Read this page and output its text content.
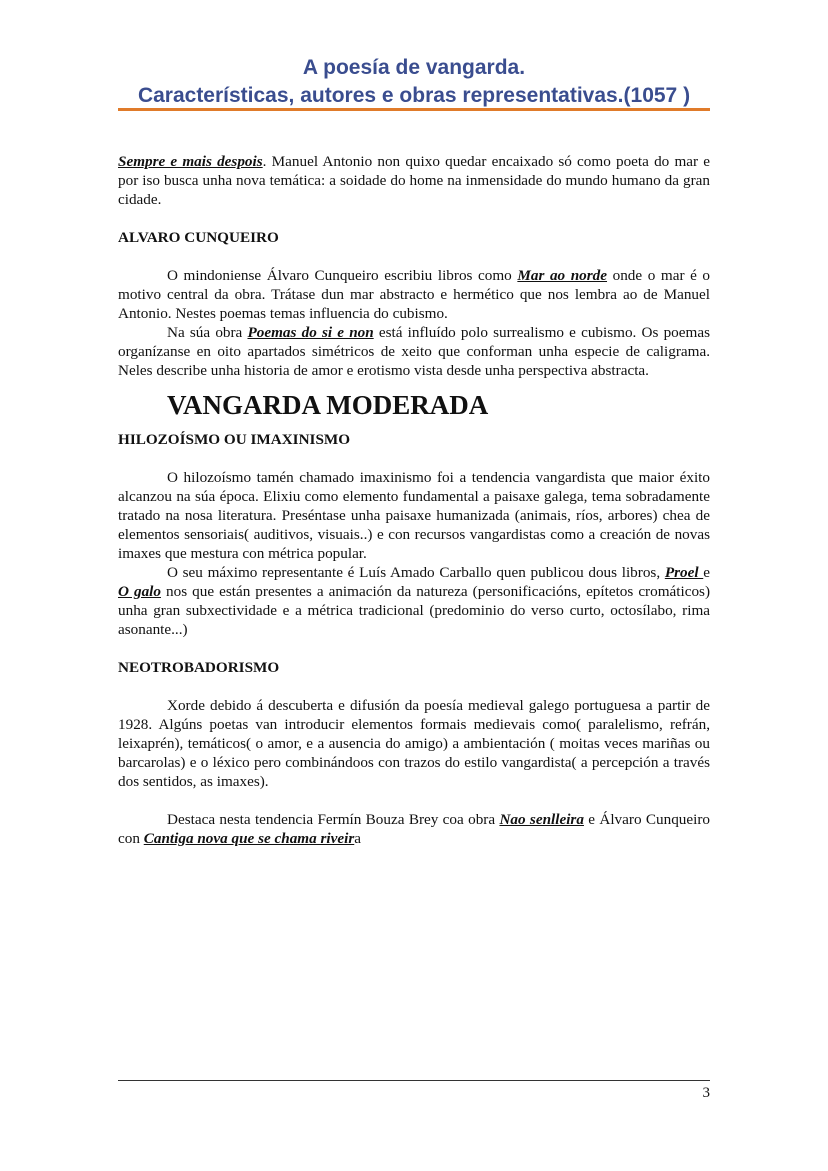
A poesía de vangarda.
Características, autores e obras representativas.(1057 )

Sempre e mais despois. Manuel Antonio non quixo quedar encaixado só como poeta do mar e por iso busca unha nova temática: a soidade do home na inmensidade do mundo humano da gran cidade.

ALVARO CUNQUEIRO

O mindoniense Álvaro Cunqueiro escribiu libros como Mar ao norde onde o mar é o motivo central da obra. Trátase dun mar abstracto e hermético que nos lembra ao de Manuel Antonio. Nestes poemas temas influencia do cubismo.

Na súa obra Poemas do si e non está influído polo surrealismo e cubismo. Os poemas organízanse en oito apartados simétricos de xeito que conforman unha especie de caligrama. Neles describe unha historia de amor e erotismo vista desde unha perspectiva abstracta.

VANGARDA MODERADA

HILOZOÍSMO OU IMAXINISMO

O hilozoísmo tamén chamado imaxinismo foi a tendencia vangardista que maior éxito alcanzou na súa época. Elixiu como elemento fundamental a paisaxe galega, tema sobradamente tratado na nosa literatura. Preséntase unha paisaxe humanizada (animais, ríos, arbores) chea de elementos sensoriais( auditivos, visuais..) e con recursos vangardistas como a creación de novas imaxes que mestura con métrica popular.

O seu máximo representante é Luís Amado Carballo quen publicou dous libros, Proel e O galo nos que están presentes a animación da natureza (personificacións, epítetos cromáticos) unha gran subxectividade e a métrica tradicional (predominio do verso curto, octosílabo, rima asonante...)

NEOTROBADORISMO

Xorde debido á descuberta e difusión da poesía medieval galego portuguesa a partir de 1928. Algúns poetas van introducir elementos formais medievais como( paralelismo, refrán, leixaprén), temáticos( o amor, e a ausencia do amigo) a ambientación ( moitas veces mariñas ou barcarolas) e o léxico pero combinándoos con trazos do estilo vangardista( a percepción a través dos sentidos, as imaxes).

Destaca nesta tendencia Fermín Bouza Brey coa obra Nao senlleira e Álvaro Cunqueiro con Cantiga nova que se chama riveira

3
